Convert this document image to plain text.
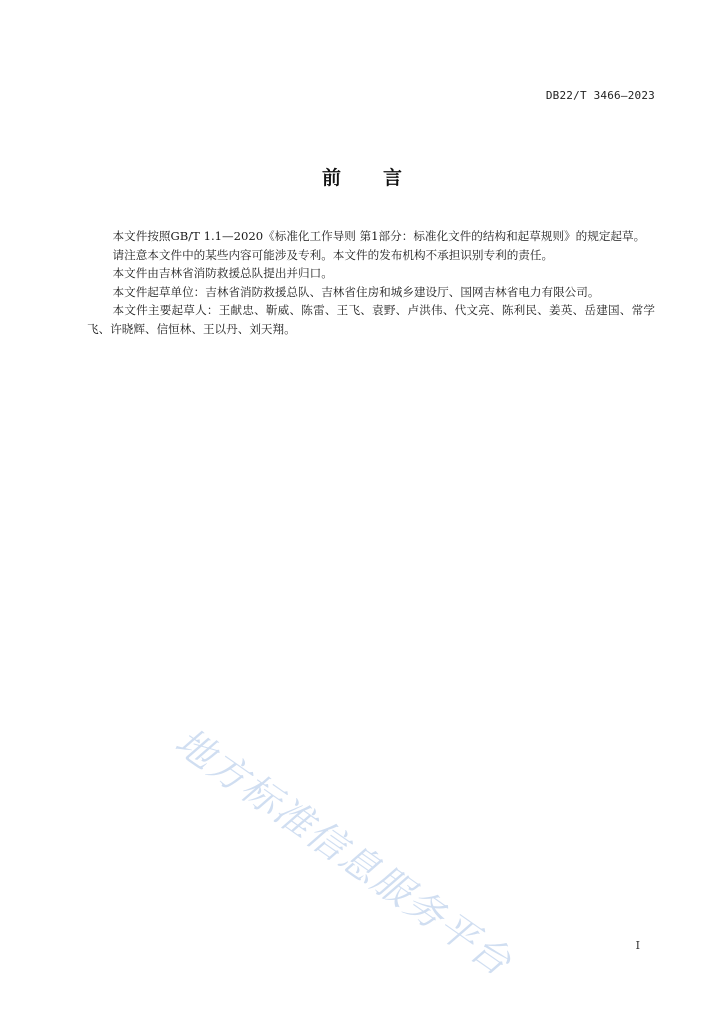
DB22/T 3466—2023
前 言

本文件按照GB/T 1.1—2020《标准化工作导则 第1部分：标准化文件的结构和起草规则》的规定起草。

请注意本文件中的某些内容可能涉及专利。本文件的发布机构不承担识别专利的责任。

本文件由吉林省消防救援总队提出并归口。

本文件起草单位：吉林省消防救援总队、吉林省住房和城乡建设厅、国网吉林省电力有限公司。

本文件主要起草人：王献忠、靳威、陈雷、王飞、袁野、卢洪伟、代文亮、陈利民、姜英、岳建国、常学飞、许晓辉、信恒林、王以丹、刘天翔。

地方标准信息服务平台	I
